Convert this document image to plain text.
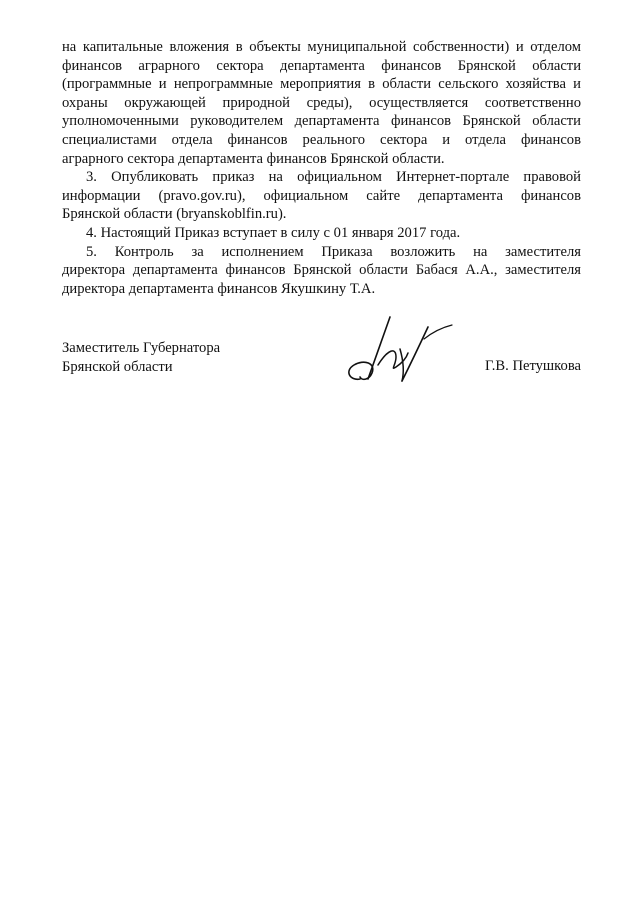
на капитальные вложения в объекты муниципальной собственности) и отделом

финансов аграрного сектора департамента финансов Брянской области

(программные и непрограммные мероприятия в области сельского хозяйства и

охраны окружающей природной среды), осуществляется соответственно

уполномоченными руководителем департамента финансов Брянской области

специалистами отдела финансов реального сектора и отдела финансов

аграрного сектора департамента финансов Брянской области.

3. Опубликовать приказ на официальном Интернет-портале правовой

информации (pravo.gov.ru), официальном сайте департамента финансов

Брянской области (bryanskoblfin.ru).

4. Настоящий Приказ вступает в силу с 01 января 2017 года.

5. Контроль за исполнением Приказа возложить на заместителя

директора департамента финансов Брянской области Бабася А.А., заместителя

директора департамента финансов Якушкину Т.А.

Заместитель Губернатора
Брянской области	Г.В. Петушкова
